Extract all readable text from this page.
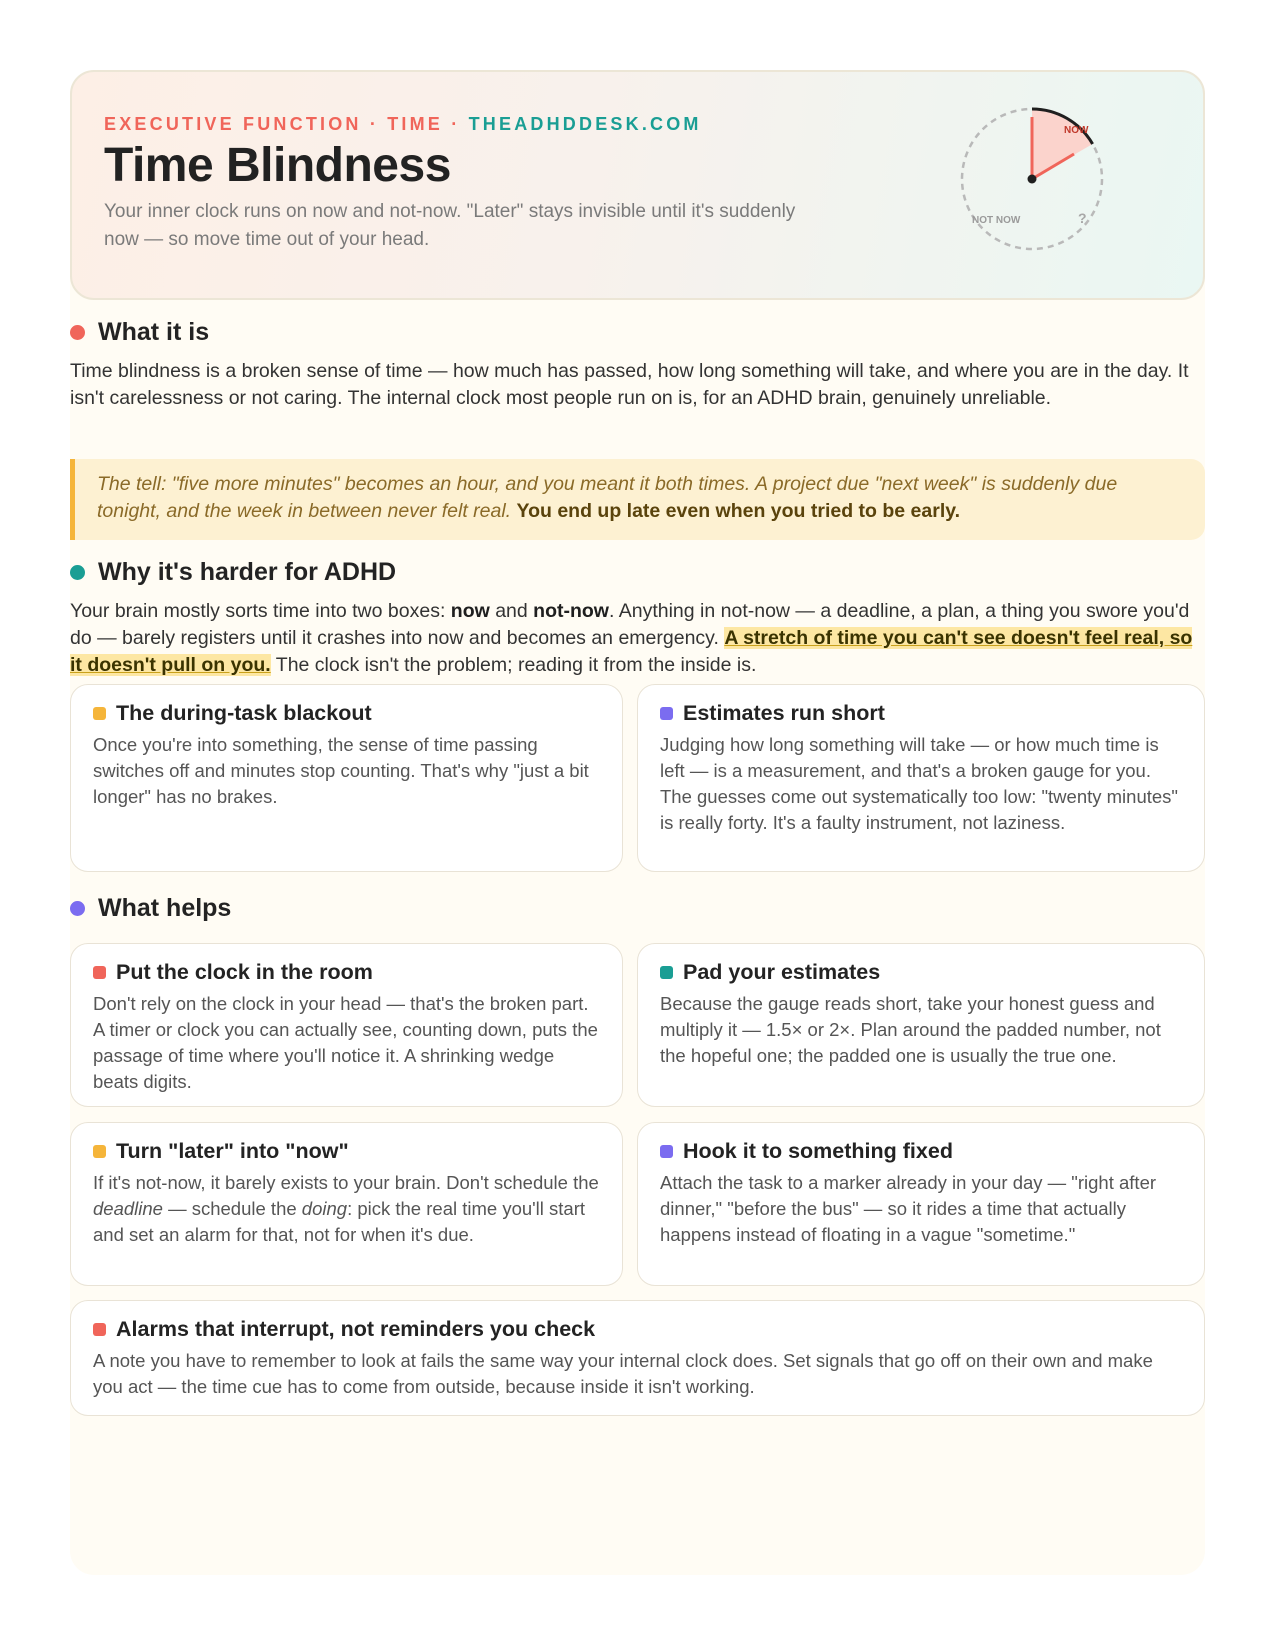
EXECUTIVE FUNCTION · TIME · THEADHDDESK.COM
Time Blindness

Your inner clock runs on now and not-now. "Later" stays invisible until it's suddenly now — so move time out of your head.

NOW
NOT NOW	?
What it is

Time blindness is a broken sense of time — how much has passed, how long something will take, and where you are in the day. It isn't carelessness or not caring. The internal clock most people run on is, for an ADHD brain, genuinely unreliable.

The tell: "five more minutes" becomes an hour, and you meant it both times. A project due "next week" is suddenly due tonight, and the week in between never felt real. You end up late even when you tried to be early.
Why it's harder for ADHD

Your brain mostly sorts time into two boxes: now and not-now. Anything in not-now — a deadline, a plan, a thing you swore you'd do — barely registers until it crashes into now and becomes an emergency. A stretch of time you can't see doesn't feel real, so it doesn't pull on you. The clock isn't the problem; reading it from the inside is.

The during-task blackout

Once you're into something, the sense of time passing switches off and minutes stop counting. That's why "just a bit longer" has no brakes.

Estimates run short

Judging how long something will take — or how much time is left — is a measurement, and that's a broken gauge for you. The guesses come out systematically too low: "twenty minutes" is really forty. It's a faulty instrument, not laziness.

What helps
Put the clock in the room

Don't rely on the clock in your head — that's the broken part. A timer or clock you can actually see, counting down, puts the passage of time where you'll notice it. A shrinking wedge beats digits.

Pad your estimates

Because the gauge reads short, take your honest guess and multiply it — 1.5× or 2×. Plan around the padded number, not the hopeful one; the padded one is usually the true one.

Turn "later" into "now"

If it's not-now, it barely exists to your brain. Don't schedule the deadline — schedule the doing: pick the real time you'll start and set an alarm for that, not for when it's due.

Hook it to something fixed

Attach the task to a marker already in your day — "right after dinner," "before the bus" — so it rides a time that actually happens instead of floating in a vague "sometime."

Alarms that interrupt, not reminders you check

A note you have to remember to look at fails the same way your internal clock does. Set signals that go off on their own and make you act — the time cue has to come from outside, because inside it isn't working.
